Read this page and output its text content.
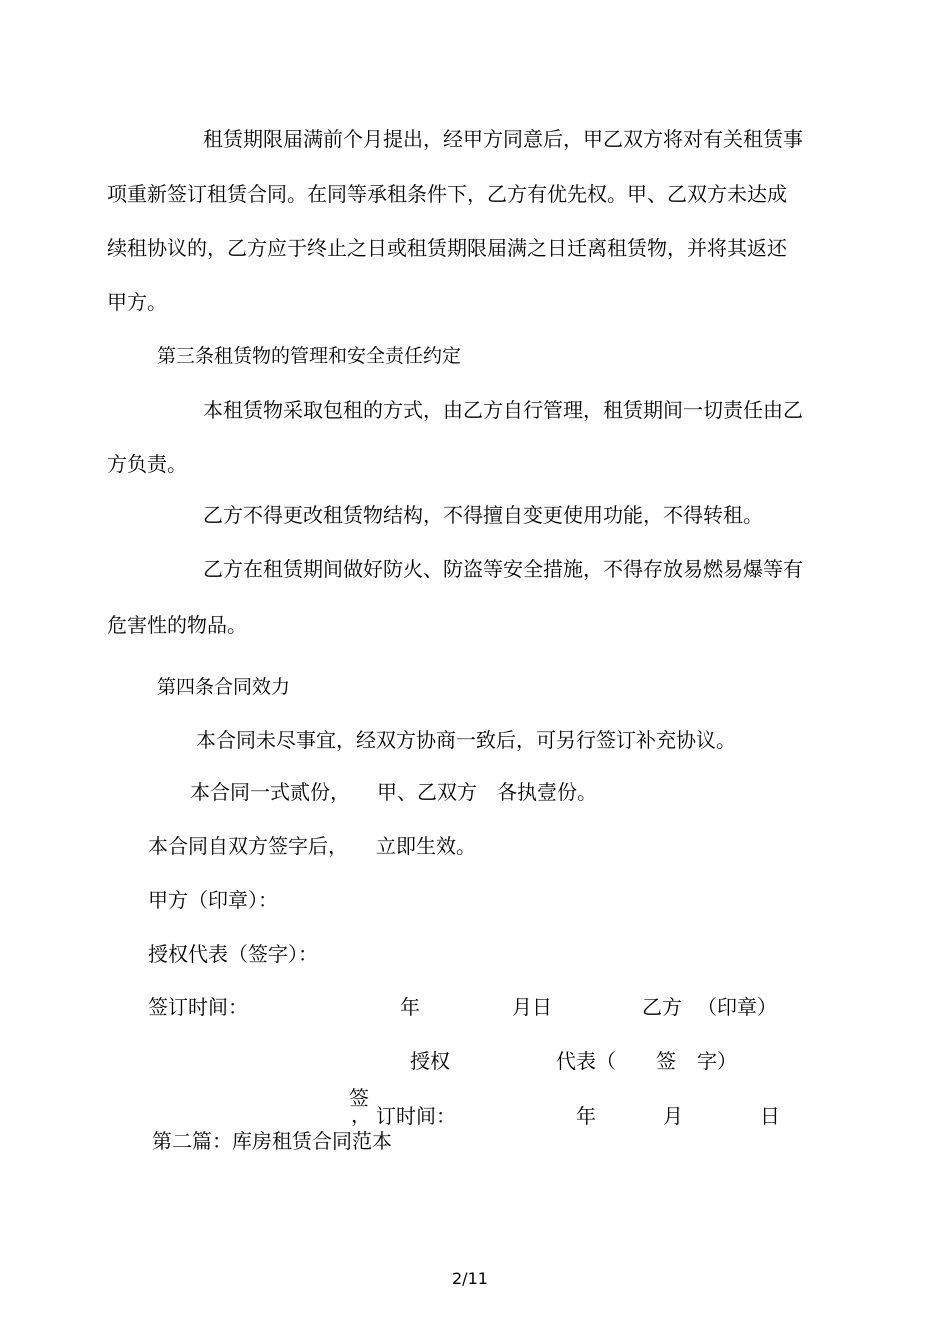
租赁期限届满前个月提出，经甲方同意后，甲乙双方将对有关租赁事
项重新签订租赁合同。在同等承租条件下，乙方有优先权。甲、乙双方未达成
续租协议的，乙方应于终止之日或租赁期限届满之日迁离租赁物，并将其返还
甲方。
第三条租赁物的管理和安全责任约定
本租赁物采取包租的方式，由乙方自行管理，租赁期间一切责任由乙
方负责。
乙方不得更改租赁物结构，不得擅自变更使用功能，不得转租。
乙方在租赁期间做好防火、防盗等安全措施，不得存放易燃易爆等有
危害性的物品。
第四条合同效力
本合同未尽事宜，经双方协商一致后，可另行签订补充协议。
本合同一式贰份， 甲、乙双方 各执壹份。
本合同自双方签字后， 立即生效。
甲方（印章）：
授权代表（签字）：
签订时间：	年	月日	乙方 （印章）
授权	代表（ 签 字）
签
， 订时间：	年	月	日
第二篇：库房租赁合同范本
2/11
